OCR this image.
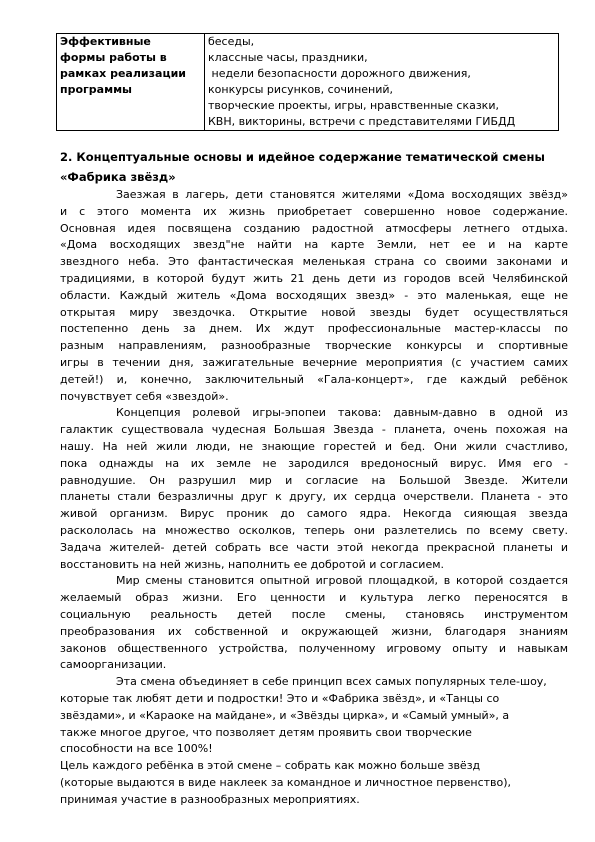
Эффективные
формы работы в
рамках реализации
программы

беседы,
классные часы, праздники,
недели безопасности дорожного движения,
конкурсы рисунков, сочинений,
творческие проекты, игры, нравственные сказки,
КВН, викторины, встречи с представителями ГИБДД
2. Концептуальные основы и идейное содержание тематической смены
«Фабрика звёзд»
Заезжая в лагерь, дети становятся жителями «Дома восходящих звёзд»
и с этого момента их жизнь приобретает совершенно новое содержание.
Основная идея посвящена созданию радостной атмосферы летнего отдыха.
«Дома восходящих звезд"не найти на карте Земли, нет ее и на карте
звездного неба. Это фантастическая меленькая страна со своими законами и
традициями, в которой будут жить 21 день дети из городов всей Челябинской
области. Каждый житель «Дома восходящих звезд» - это маленькая, еще не
открытая миру звездочка. Открытие новой звезды будет осуществляться
постепенно день за днем. Их ждут профессиональные мастер-классы по
разным направлениям, разнообразные творческие конкурсы и спортивные
игры в течении дня, зажигательные вечерние мероприятия (с участием самих
детей!) и, конечно, заключительный «Гала-концерт», где каждый ребёнок
почувствует себя «звездой».
Концепция ролевой игры-эпопеи такова: давным-давно в одной из
галактик существовала чудесная Большая Звезда - планета, очень похожая на
нашу. На ней жили люди, не знающие горестей и бед. Они жили счастливо,
пока однажды на их земле не зародился вредоносный вирус. Имя его -
равнодушие. Он разрушил мир и согласие на Большой Звезде. Жители
планеты стали безразличны друг к другу, их сердца очерствели. Планета - это
живой организм. Вирус проник до самого ядра. Некогда сияющая звезда
раскололась на множество осколков, теперь они разлетелись по всему свету.
Задача жителей- детей собрать все части этой некогда прекрасной планеты и
восстановить на ней жизнь, наполнить ее добротой и согласием.
Мир смены становится опытной игровой площадкой, в которой создается
желаемый образ жизни. Его ценности и культура легко переносятся в
социальную реальность детей после смены, становясь инструментом
преобразования их собственной и окружающей жизни, благодаря знаниям
законов общественного устройства, полученному игровому опыту и навыкам
самоорганизации.
Эта смена объединяет в себе принцип всех самых популярных теле-шоу,
которые так любят дети и подростки! Это и «Фабрика звёзд», и «Танцы со
звёздами», и «Караоке на майдане», и «Звёзды цирка», и «Самый умный», а
также многое другое, что позволяет детям проявить свои творческие
способности на все 100%!
Цель каждого ребёнка в этой смене – собрать как можно больше звёзд
(которые выдаются в виде наклеек за командное и личностное первенство),
принимая участие в разнообразных мероприятиях.
